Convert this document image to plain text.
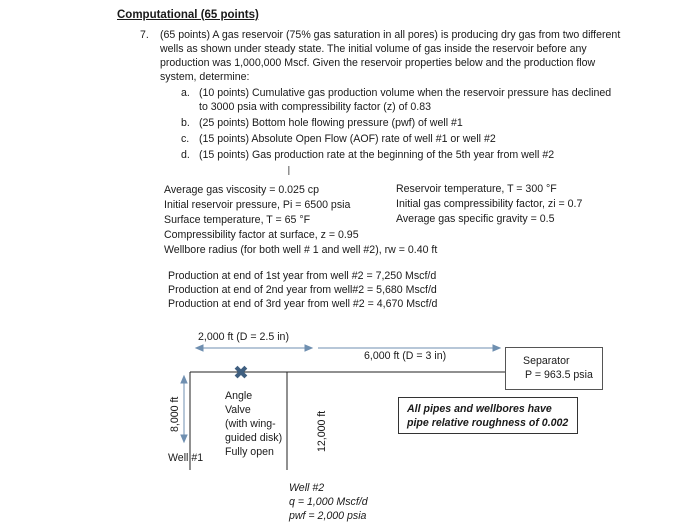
Computational (65 points)
7. (65 points) A gas reservoir (75% gas saturation in all pores) is producing dry gas from two different
wells as shown under steady state. The initial volume of gas inside the reservoir before any
production was 1,000,000 Mscf. Given the reservoir properties below and the production flow
system, determine:
a. (10 points) Cumulative gas production volume when the reservoir pressure has declined
to 3000 psia with compressibility factor (z) of 0.83
b. (25 points) Bottom hole flowing pressure (pwf) of well #1
c. (15 points) Absolute Open Flow (AOF) rate of well #1 or well #2
d. (15 points) Gas production rate at the beginning of the 5th year from well #2
I
Average gas viscosity = 0.025 cp
Initial reservoir pressure, Pi = 6500 psia
Surface temperature, T = 65 °F
Compressibility factor at surface, z = 0.95
Wellbore radius (for both well # 1 and well #2), rw = 0.40 ft
Reservoir temperature, T = 300 °F
Initial gas compressibility factor, zi = 0.7
Average gas specific gravity = 0.5
Production at end of 1st year from well #2 = 7,250 Mscf/d
Production at end of 2nd year from well#2 = 5,680 Mscf/d
Production at end of 3rd year from well #2 = 4,670 Mscf/d
2,000 ft (D = 2.5 in)
6,000 ft (D = 3 in)	Separator
P = 963.5 psia
✖
8,000 ft
Well #1
Angle
Valve
(with wing-
guided disk)
Fully open	12,000 ft
All pipes and wellbores have
pipe relative roughness of 0.002
Well #2
q = 1,000 Mscf/d
pwf = 2,000 psia
